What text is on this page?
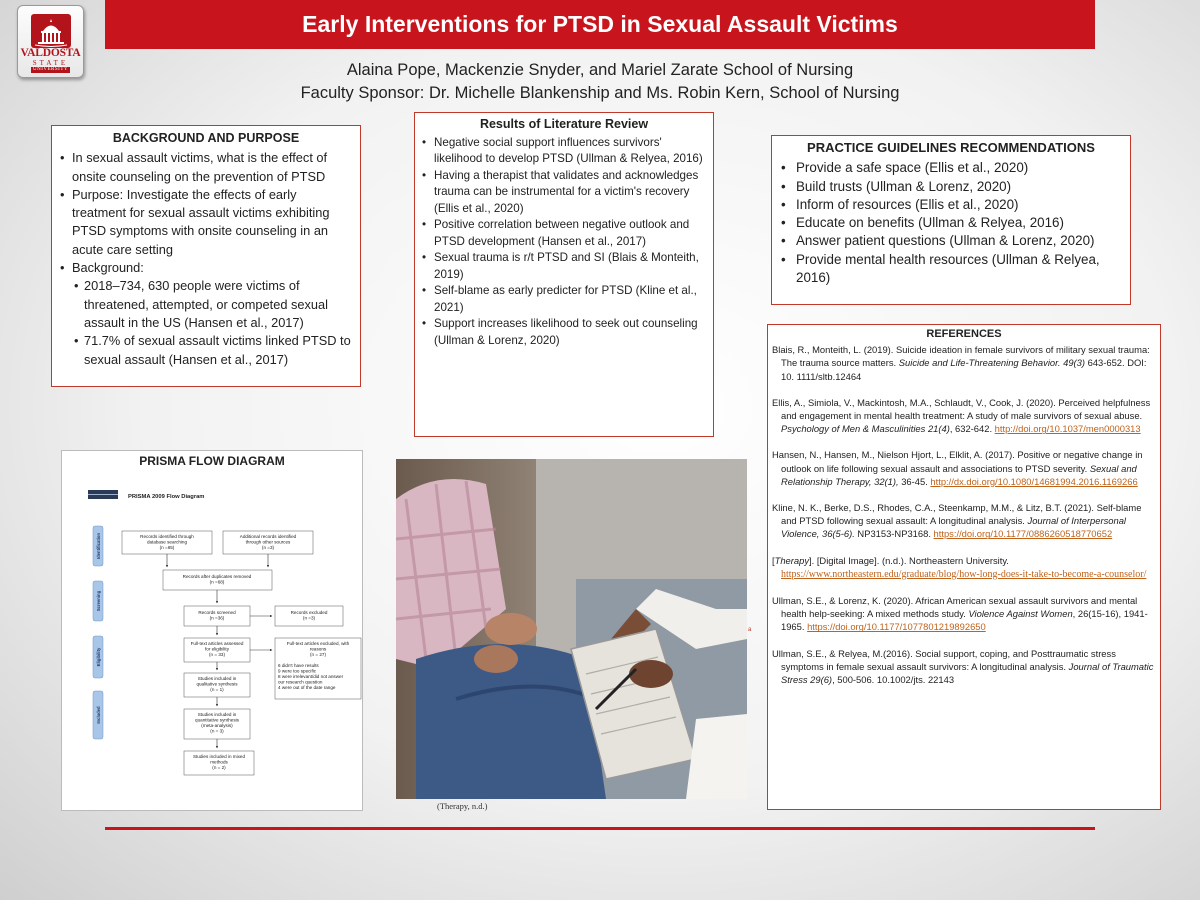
VALDOSTA
STATE
UNIVERSITY
Early Interventions for PTSD in Sexual Assault Victims
Alaina Pope, Mackenzie Snyder, and Mariel Zarate School of Nursing
Faculty Sponsor: Dr. Michelle Blankenship and Ms. Robin Kern, School of Nursing
BACKGROUND AND PURPOSE
• In sexual assault victims, what is the effect of onsite counseling on the prevention of PTSD
• Purpose: Investigate the effects of early treatment for sexual assault victims exhibiting PTSD symptoms with onsite counseling in an acute care setting
• Background:
• 2018–734, 630 people were victims of threatened, attempted, or competed sexual assault in the US (Hansen et al., 2017)
• 71.7% of sexual assault victims linked PTSD to sexual assault (Hansen et al., 2017)
Results of Literature Review
• Negative social support influences survivors' likelihood to develop PTSD (Ullman & Relyea, 2016)
• Having a therapist that validates and acknowledges trauma can be instrumental for a victim's recovery (Ellis et al., 2020)
• Positive correlation between negative outlook and PTSD development (Hansen et al., 2017)
• Sexual trauma is r/t PTSD and SI (Blais & Monteith, 2019)
• Self-blame as early predicter for PTSD (Kline et al., 2021)
• Support increases likelihood to seek out counseling (Ullman & Lorenz, 2020)
PRACTICE GUIDELINES RECOMMENDATIONS
• Provide a safe space (Ellis et al., 2020)
• Build trusts (Ullman & Lorenz, 2020)
• Inform of resources (Ellis et al., 2020)
• Educate on benefits (Ullman & Relyea, 2016)
• Answer patient questions (Ullman & Lorenz, 2020)
• Provide mental health resources (Ullman & Relyea, 2016)
REFERENCES

Blais, R., Monteith, L. (2019). Suicide ideation in female survivors of military sexual trauma: The trauma source matters. Suicide and Life-Threatening Behavior. 49(3) 643-652. DOI: 10. 1111/sltb.12464

Ellis, A., Simiola, V., Mackintosh, M.A., Schlaudt, V., Cook, J. (2020). Perceived helpfulness and engagement in mental health treatment: A study of male survivors of sexual abuse. Psychology of Men & Masculinities 21(4), 632-642. http://doi.org/10.1037/men0000313

Hansen, N., Hansen, M., Nielson Hjort, L., Elklit, A. (2017). Positive or negative change in outlook on life following sexual assault and associations to PTSD severity. Sexual and Relationship Therapy, 32(1), 36-45. http://dx.doi.org/10.1080/14681994.2016.1169266

Kline, N. K., Berke, D.S., Rhodes, C.A., Steenkamp, M.M., & Litz, B.T. (2021). Self-blame and PTSD following sexual assault: A longitudinal analysis. Journal of Interpersonal Violence, 36(5-6). NP3153-NP3168. https://doi.org/10.1177/0886260518770652

[Therapy]. [Digital Image]. (n.d.). Northeastern University.
https://www.northeastern.edu/graduate/blog/how-long-does-it-take-to-become-a-counselor/

Ullman, S.E., & Lorenz, K. (2020). African American sexual assault survivors and mental health help-seeking: A mixed methods study. Violence Against Women, 26(15-16), 1941-1965. https://doi.org/10.1177/1077801219892650

Ullman, S.E., & Relyea, M.(2016). Social support, coping, and Posttraumatic stress symptoms in female sexual assault survivors: A longitudinal analysis. Journal of Traumatic Stress 29(6), 500-506. 10.1002/jts. 22143

PRISMA FLOW DIAGRAM
PRISMA 2009 Flow Diagram
Identification
Screening
Eligibility
Included
Records identified through database searching (n =65)
Additional records identified through other sources (n =3)
Records after duplicates removed (n =68)
Records screened (n =36)
Records excluded (n =3)
Full-text articles assessed for eligibility (n = 33)
Full-text articles excluded, with reasons (n = 27)
Studies included in qualitative synthesis (n = 1)
Studies included in quantitative synthesis (meta-analysis) (n = 3)
Studies included in mixed methods (n = 2)
6 didn't have results 9 were too specific 8 were irrelevant/did not answer our research question 4 were out of the date range
(Therapy, n.d.)
a
